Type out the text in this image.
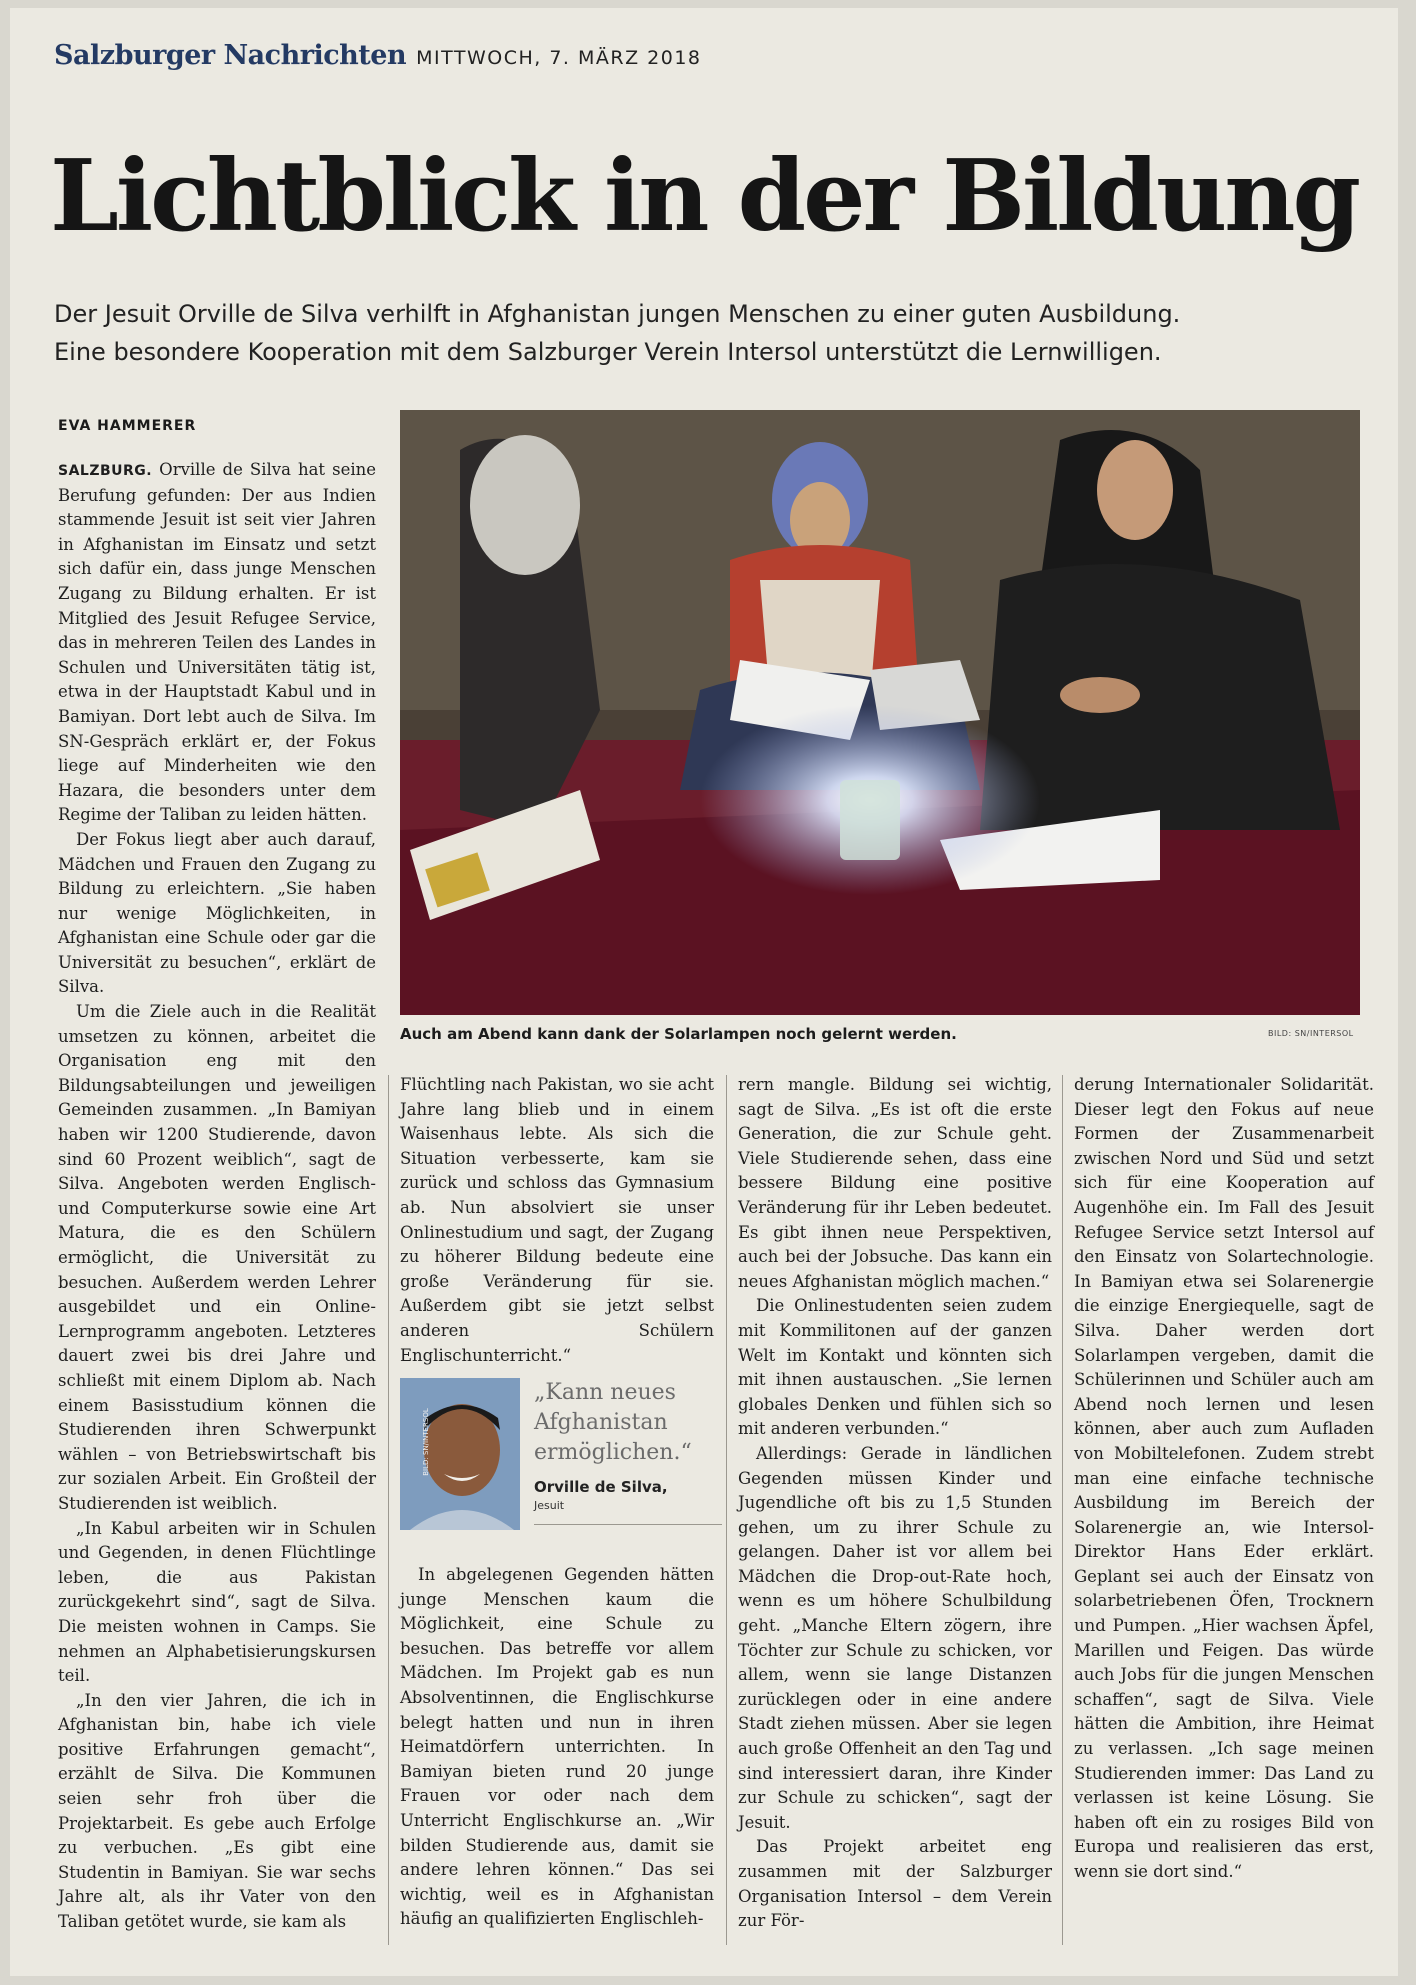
Salzburger Nachrichten MITTWOCH, 7. MÄRZ 2018
Lichtblick in der Bildung
Der Jesuit Orville de Silva verhilft in Afghanistan jungen Menschen zu einer guten Ausbildung.
Eine besondere Kooperation mit dem Salzburger Verein Intersol unterstützt die Lernwilligen.
EVA HAMMERER

SALZBURG. Orville de Silva hat seine Berufung gefunden: Der aus Indien stammende Jesuit ist seit vier Jahren in Afghanistan im Einsatz und setzt sich dafür ein, dass junge Menschen Zugang zu Bildung erhalten. Er ist Mitglied des Jesuit Refugee Service, das in mehreren Teilen des Landes in Schulen und Universitäten tätig ist, etwa in der Hauptstadt Kabul und in Bamiyan. Dort lebt auch de Silva. Im SN-Gespräch erklärt er, der Fokus liege auf Minderheiten wie den Hazara, die besonders unter dem Regime der Taliban zu leiden hätten.

Der Fokus liegt aber auch darauf, Mädchen und Frauen den Zugang zu Bildung zu erleichtern. „Sie haben nur wenige Möglichkeiten, in Afghanistan eine Schule oder gar die Universität zu besuchen“, erklärt de Silva.

Um die Ziele auch in die Realität umsetzen zu können, arbeitet die Organisation eng mit den Bildungsabteilungen und jeweiligen Gemeinden zusammen. „In Bamiyan haben wir 1200 Studierende, davon sind 60 Prozent weiblich“, sagt de Silva. Angeboten werden Englisch- und Computerkurse sowie eine Art Matura, die es den Schülern ermöglicht, die Universität zu besuchen. Außerdem werden Lehrer ausgebildet und ein Online-Lernprogramm angeboten. Letzteres dauert zwei bis drei Jahre und schließt mit einem Diplom ab. Nach einem Basisstudium können die Studierenden ihren Schwerpunkt wählen – von Betriebswirtschaft bis zur sozialen Arbeit. Ein Großteil der Studierenden ist weiblich.

„In Kabul arbeiten wir in Schulen und Gegenden, in denen Flüchtlinge leben, die aus Pakistan zurückgekehrt sind“, sagt de Silva. Die meisten wohnen in Camps. Sie nehmen an Alphabetisierungskursen teil.

„In den vier Jahren, die ich in Afghanistan bin, habe ich viele positive Erfahrungen gemacht“, erzählt de Silva. Die Kommunen seien sehr froh über die Projektarbeit. Es gebe auch Erfolge zu verbuchen. „Es gibt eine Studentin in Bamiyan. Sie war sechs Jahre alt, als ihr Vater von den Taliban getötet wurde, sie kam als

Auch am Abend kann dank der Solarlampen noch gelernt werden.	BILD: SN/INTERSOL

Flüchtling nach Pakistan, wo sie acht Jahre lang blieb und in einem Waisenhaus lebte. Als sich die Situation verbesserte, kam sie zurück und schloss das Gymnasium ab. Nun absolviert sie unser Onlinestudium und sagt, der Zugang zu höherer Bildung bedeute eine große Veränderung für sie. Außerdem gibt sie jetzt selbst anderen Schülern Englischunterricht.“

BILD: SN/INTERSOL
„Kann neues Afghanistan ermöglichen.“
Orville de Silva,
Jesuit

In abgelegenen Gegenden hätten junge Menschen kaum die Möglichkeit, eine Schule zu besuchen. Das betreffe vor allem Mädchen. Im Projekt gab es nun Absolventinnen, die Englischkurse belegt hatten und nun in ihren Heimatdörfern unterrichten. In Bamiyan bieten rund 20 junge Frauen vor oder nach dem Unterricht Englischkurse an. „Wir bilden Studierende aus, damit sie andere lehren können.“ Das sei wichtig, weil es in Afghanistan häufig an qualifizierten Englischleh-

rern mangle. Bildung sei wichtig, sagt de Silva. „Es ist oft die erste Generation, die zur Schule geht. Viele Studierende sehen, dass eine bessere Bildung eine positive Veränderung für ihr Leben bedeutet. Es gibt ihnen neue Perspektiven, auch bei der Jobsuche. Das kann ein neues Afghanistan möglich machen.“

Die Onlinestudenten seien zudem mit Kommilitonen auf der ganzen Welt im Kontakt und könnten sich mit ihnen austauschen. „Sie lernen globales Denken und fühlen sich so mit anderen verbunden.“

Allerdings: Gerade in ländlichen Gegenden müssen Kinder und Jugendliche oft bis zu 1,5 Stunden gehen, um zu ihrer Schule zu gelangen. Daher ist vor allem bei Mädchen die Drop-out-Rate hoch, wenn es um höhere Schulbildung geht. „Manche Eltern zögern, ihre Töchter zur Schule zu schicken, vor allem, wenn sie lange Distanzen zurücklegen oder in eine andere Stadt ziehen müssen. Aber sie legen auch große Offenheit an den Tag und sind interessiert daran, ihre Kinder zur Schule zu schicken“, sagt der Jesuit.

Das Projekt arbeitet eng zusammen mit der Salzburger Organisation Intersol – dem Verein zur För-

derung Internationaler Solidarität. Dieser legt den Fokus auf neue Formen der Zusammenarbeit zwischen Nord und Süd und setzt sich für eine Kooperation auf Augenhöhe ein. Im Fall des Jesuit Refugee Service setzt Intersol auf den Einsatz von Solartechnologie. In Bamiyan etwa sei Solarenergie die einzige Energiequelle, sagt de Silva. Daher werden dort Solarlampen vergeben, damit die Schülerinnen und Schüler auch am Abend noch lernen und lesen können, aber auch zum Aufladen von Mobiltelefonen. Zudem strebt man eine einfache technische Ausbildung im Bereich der Solarenergie an, wie Intersol-Direktor Hans Eder erklärt. Geplant sei auch der Einsatz von solarbetriebenen Öfen, Trocknern und Pumpen. „Hier wachsen Äpfel, Marillen und Feigen. Das würde auch Jobs für die jungen Menschen schaffen“, sagt de Silva. Viele hätten die Ambition, ihre Heimat zu verlassen. „Ich sage meinen Studierenden immer: Das Land zu verlassen ist keine Lösung. Sie haben oft ein zu rosiges Bild von Europa und realisieren das erst, wenn sie dort sind.“
